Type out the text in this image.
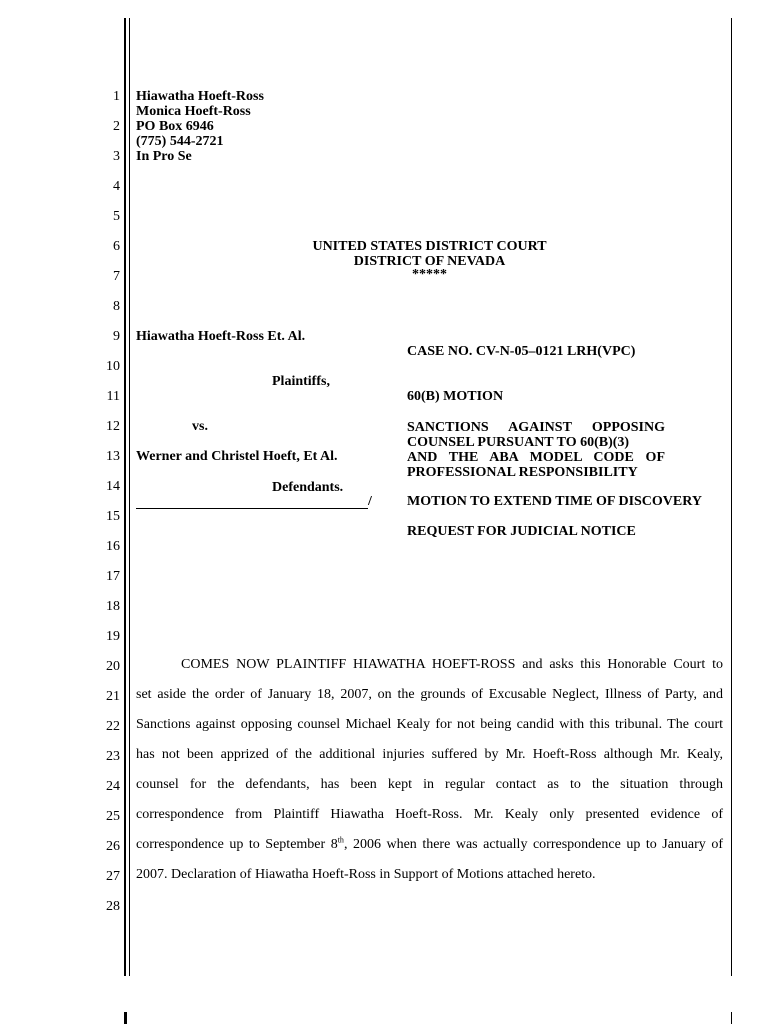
1
2
3
4
5
6
7
8
9
10
11
12
13
14
15
16
17
18
19
20
21
22
23
24
25
26
27
28
Hiawatha Hoeft-Ross
Monica Hoeft-Ross
PO Box 6946
(775) 544-2721
In Pro Se
UNITED STATES DISTRICT COURT
DISTRICT OF NEVADA
*****
Hiawatha Hoeft-Ross Et. Al.
Plaintiffs,
vs.
Werner and Christel Hoeft, Et Al.
Defendants.
/
CASE NO. CV-N-05–0121 LRH(VPC)
60(B) MOTION
SANCTIONS AGAINST OPPOSING
COUNSEL PURSUANT TO 60(B)(3)
AND THE ABA MODEL CODE OF
PROFESSIONAL RESPONSIBILITY
MOTION TO EXTEND TIME OF DISCOVERY
REQUEST FOR JUDICIAL NOTICE
COMES NOW PLAINTIFF HIAWATHA HOEFT-ROSS and asks this Honorable Court to
set aside the order of January 18, 2007, on the grounds of Excusable Neglect, Illness of Party, and
Sanctions against opposing counsel Michael Kealy for not being candid with this tribunal. The court
has not been apprized of the additional injuries suffered by Mr. Hoeft-Ross although Mr. Kealy,
counsel for the defendants, has been kept in regular contact as to the situation through
correspondence from Plaintiff Hiawatha Hoeft-Ross. Mr. Kealy only presented evidence of
correspondence up to September 8th, 2006 when there was actually correspondence up to January of
2007. Declaration of Hiawatha Hoeft-Ross in Support of Motions attached hereto.
